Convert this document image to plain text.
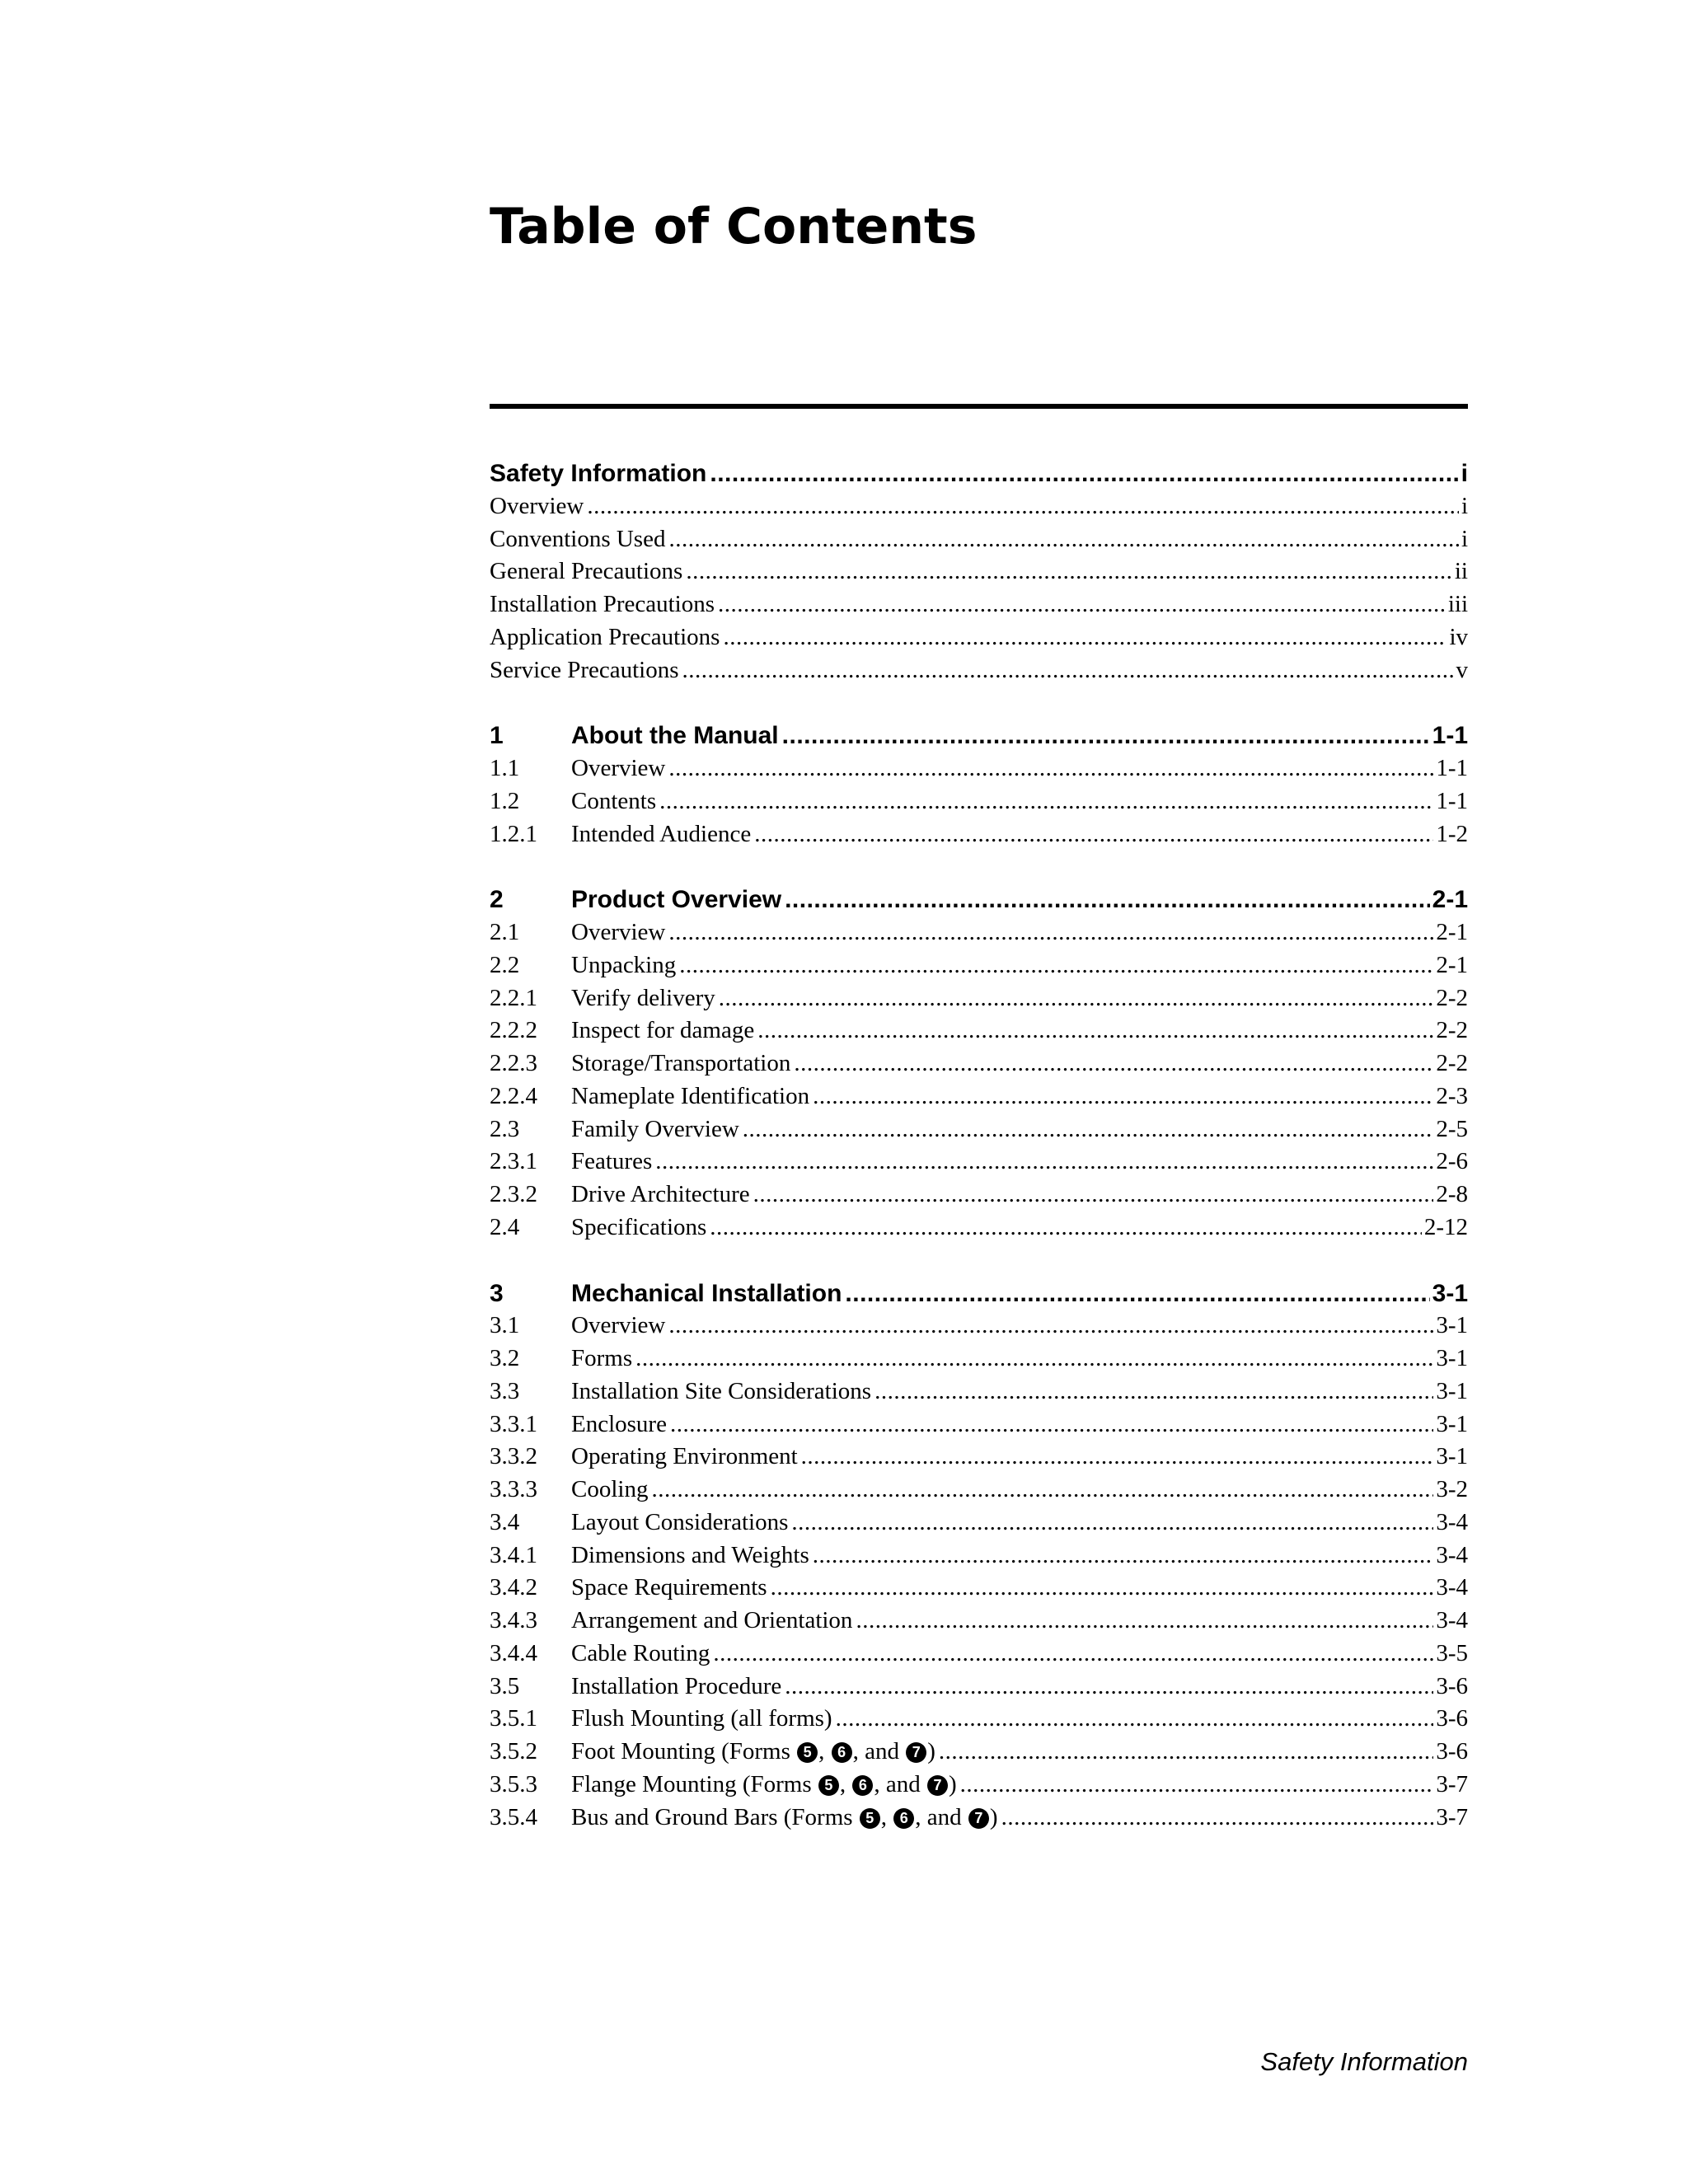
Table of Contents
Safety Information .....	i
Overview .....	i
Conventions Used .....	i
General Precautions .....	ii
Installation Precautions .....	iii
Application Precautions .....	iv
Service Precautions .....	v
1	About the Manual .....	1-1
1.1	Overview .....	1-1
1.2	Contents .....	1-1
1.2.1	Intended Audience .....	1-2
2	Product Overview .....	2-1
2.1	Overview .....	2-1
2.2	Unpacking .....	2-1
2.2.1	Verify delivery .....	2-2
2.2.2	Inspect for damage .....	2-2
2.2.3	Storage/Transportation .....	2-2
2.2.4	Nameplate Identification .....	2-3
2.3	Family Overview .....	2-5
2.3.1	Features .....	2-6
2.3.2	Drive Architecture .....	2-8
2.4	Specifications .....	2-12
3	Mechanical Installation .....	3-1
3.1	Overview .....	3-1
3.2	Forms .....	3-1
3.3	Installation Site Considerations .....	3-1
3.3.1	Enclosure .....	3-1
3.3.2	Operating Environment .....	3-1
3.3.3	Cooling .....	3-2
3.4	Layout Considerations .....	3-4
3.4.1	Dimensions and Weights .....	3-4
3.4.2	Space Requirements .....	3-4
3.4.3	Arrangement and Orientation .....	3-4
3.4.4	Cable Routing .....	3-5
3.5	Installation Procedure .....	3-6
3.5.1	Flush Mounting (all forms) .....	3-6
3.5.2	Foot Mounting (Forms 5 , 6 , and 7 ) .....	3-6
3.5.3	Flange Mounting (Forms 5 , 6 , and 7 ) .....	3-7
3.5.4	Bus and Ground Bars (Forms 5 , 6 , and 7 ) .....	3-7
Safety Information
